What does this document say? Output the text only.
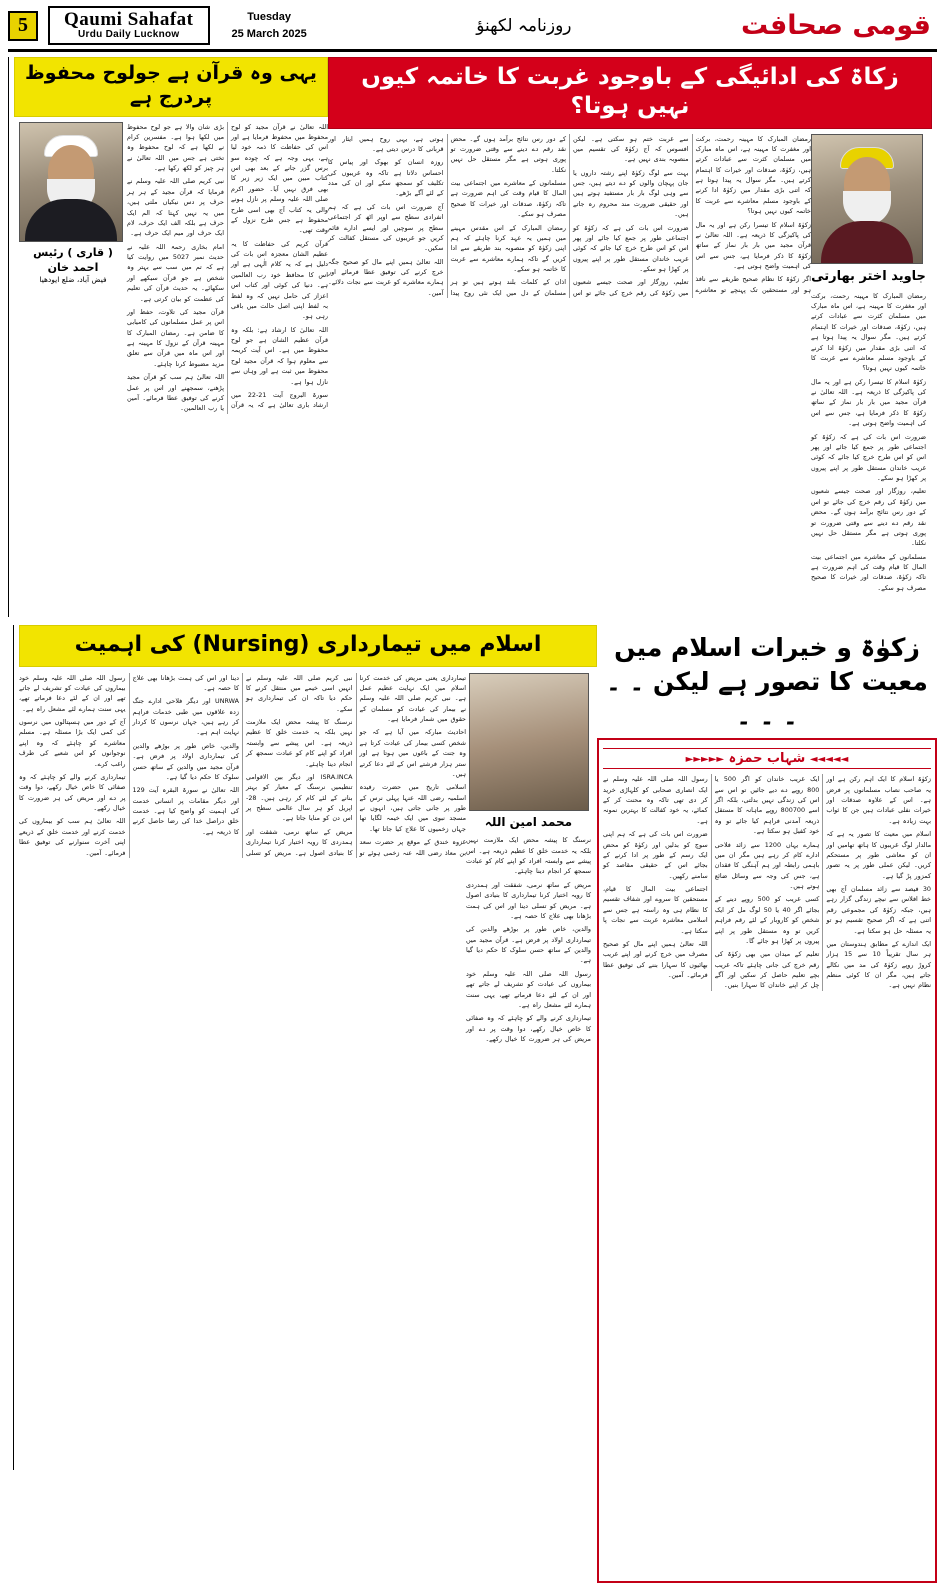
5	Qaumi Sahafat
Urdu Daily Lucknow
Tuesday
25 March 2025	روزنامہ لکھنؤ	قومی صحافت
یہی وہ قرآن ہے جولوح محفوظ پردرج ہے
( قاری ) رئیس احمد خان
فیض آباد، ضلع ایودھیا

اللہ تعالیٰ نے قرآن مجید کو لوح محفوظ میں محفوظ فرمایا ہے اور اس کی حفاظت کا ذمہ خود لیا ہے، یہی وجہ ہے کہ چودہ سو برس گزر جانے کے بعد بھی اس کتاب مبین میں ایک زیر زبر کا بھی فرق نہیں آیا۔ حضور اکرم صلی اللہ علیہ وسلم پر نازل ہونے والی یہ کتاب آج بھی اسی طرح محفوظ ہے جس طرح نزول کے وقت تھی۔

قرآن کریم کی حفاظت کا یہ عظیم الشان معجزہ اس بات کی دلیل ہے کہ یہ کلام الٰہی ہے اور اس کا محافظ خود رب العالمین ہے۔ دنیا کی کوئی اور کتاب اس اعزاز کی حامل نہیں کہ وہ لفظ بہ لفظ اپنی اصل حالت میں باقی رہی ہو۔

اللہ تعالیٰ کا ارشاد ہے: بلکہ وہ قرآن عظیم الشان ہے جو لوح محفوظ میں ہے۔ اس آیت کریمہ سے معلوم ہوا کہ قرآن مجید لوح محفوظ میں ثبت ہے اور وہاں سے نازل ہوا ہے۔

سورۃ البروج آیت 21-22 میں ارشاد باری تعالیٰ ہے کہ یہ قرآن بڑی شان والا ہے جو لوح محفوظ میں لکھا ہوا ہے۔ مفسرین کرام نے لکھا ہے کہ لوح محفوظ وہ تختی ہے جس میں اللہ تعالیٰ نے ہر چیز کو لکھ رکھا ہے۔

نبی کریم صلی اللہ علیہ وسلم نے فرمایا کہ قرآن مجید کے ہر ہر حرف پر دس نیکیاں ملتی ہیں، میں یہ نہیں کہتا کہ الم ایک حرف ہے بلکہ الف ایک حرف، لام ایک حرف اور میم ایک حرف ہے۔

امام بخاری رحمۃ اللہ علیہ نے حدیث نمبر 5027 میں روایت کیا ہے کہ تم میں سب سے بہتر وہ شخص ہے جو قرآن سیکھے اور سکھائے۔ یہ حدیث قرآن کی تعلیم کی عظمت کو بیان کرتی ہے۔

قرآن مجید کی تلاوت، حفظ اور اس پر عمل مسلمانوں کی کامیابی کا ضامن ہے۔ رمضان المبارک کا مہینہ قرآن کے نزول کا مہینہ ہے اور اس ماہ میں قرآن سے تعلق مزید مضبوط کرنا چاہئے۔

اللہ تعالیٰ ہم سب کو قرآن مجید پڑھنے، سمجھنے اور اس پر عمل کرنے کی توفیق عطا فرمائے۔ آمین یا رب العالمین۔

زکاۃ کی ادائیگی کے باوجود غربت کا خاتمہ کیوں نہیں ہوتا؟

رمضان المبارک کا مہینہ رحمت، برکت اور مغفرت کا مہینہ ہے، اس ماہ مبارک میں مسلمان کثرت سے عبادات کرتے ہیں، زکوٰۃ، صدقات اور خیرات کا اہتمام کرتے ہیں۔ مگر سوال یہ پیدا ہوتا ہے کہ اتنی بڑی مقدار میں زکوٰۃ ادا کرنے کے باوجود مسلم معاشرے سے غربت کا خاتمہ کیوں نہیں ہوتا؟

زکوٰۃ اسلام کا تیسرا رکن ہے اور یہ مال کی پاکیزگی کا ذریعہ ہے۔ اللہ تعالیٰ نے قرآن مجید میں بار بار نماز کے ساتھ زکوٰۃ کا ذکر فرمایا ہے، جس سے اس کی اہمیت واضح ہوتی ہے۔

اگر زکوٰۃ کا نظام صحیح طریقے سے نافذ ہو اور مستحقین تک پہنچے تو معاشرے سے غربت ختم ہو سکتی ہے۔ لیکن افسوس کہ آج زکوٰۃ کی تقسیم میں منصوبہ بندی نہیں ہے۔

بہت سے لوگ زکوٰۃ اپنے رشتہ داروں یا جان پہچان والوں کو دے دیتے ہیں، جس سے وہی لوگ بار بار مستفید ہوتے ہیں اور حقیقی ضرورت مند محروم رہ جاتے ہیں۔

ضرورت اس بات کی ہے کہ زکوٰۃ کو اجتماعی طور پر جمع کیا جائے اور پھر اس کو اس طرح خرچ کیا جائے کہ کوئی غریب خاندان مستقل طور پر اپنے پیروں پر کھڑا ہو سکے۔

تعلیم، روزگار اور صحت جیسے شعبوں میں زکوٰۃ کی رقم خرچ کی جائے تو اس کے دور رس نتائج برآمد ہوں گے۔ محض نقد رقم دے دینے سے وقتی ضرورت تو پوری ہوتی ہے مگر مستقل حل نہیں نکلتا۔

مسلمانوں کے معاشرے میں اجتماعی بیت المال کا قیام وقت کی اہم ضرورت ہے تاکہ زکوٰۃ، صدقات اور خیرات کا صحیح مصرف ہو سکے۔

رمضان المبارک کے اس مقدس مہینے میں ہمیں یہ عہد کرنا چاہئے کہ ہم اپنی زکوٰۃ کو منصوبہ بند طریقے سے ادا کریں گے تاکہ ہمارے معاشرے سے غربت کا خاتمہ ہو سکے۔

اذان کے کلمات بلند ہوتے ہیں تو ہر مسلمان کے دل میں ایک نئی روح پیدا ہوتی ہے، یہی روح ہمیں ایثار اور قربانی کا درس دیتی ہے۔

روزہ انسان کو بھوک اور پیاس کا احساس دلاتا ہے تاکہ وہ غریبوں کی تکلیف کو سمجھ سکے اور ان کی مدد کے لئے آگے بڑھے۔

آج ضرورت اس بات کی ہے کہ ہم انفرادی سطح سے اوپر اٹھ کر اجتماعی سطح پر سوچیں اور ایسے ادارے قائم کریں جو غریبوں کی مستقل کفالت کر سکیں۔

اللہ تعالیٰ ہمیں اپنے مال کو صحیح جگہ خرچ کرنے کی توفیق عطا فرمائے اور ہمارے معاشرے کو غربت سے نجات دلائے۔ آمین۔

جاوید اختر بھارتی

رمضان المبارک کا مہینہ رحمت، برکت اور مغفرت کا مہینہ ہے، اس ماہ مبارک میں مسلمان کثرت سے عبادات کرتے ہیں، زکوٰۃ، صدقات اور خیرات کا اہتمام کرتے ہیں۔ مگر سوال یہ پیدا ہوتا ہے کہ اتنی بڑی مقدار میں زکوٰۃ ادا کرنے کے باوجود مسلم معاشرے سے غربت کا خاتمہ کیوں نہیں ہوتا؟

زکوٰۃ اسلام کا تیسرا رکن ہے اور یہ مال کی پاکیزگی کا ذریعہ ہے۔ اللہ تعالیٰ نے قرآن مجید میں بار بار نماز کے ساتھ زکوٰۃ کا ذکر فرمایا ہے، جس سے اس کی اہمیت واضح ہوتی ہے۔

ضرورت اس بات کی ہے کہ زکوٰۃ کو اجتماعی طور پر جمع کیا جائے اور پھر اس کو اس طرح خرچ کیا جائے کہ کوئی غریب خاندان مستقل طور پر اپنے پیروں پر کھڑا ہو سکے۔

تعلیم، روزگار اور صحت جیسے شعبوں میں زکوٰۃ کی رقم خرچ کی جائے تو اس کے دور رس نتائج برآمد ہوں گے۔ محض نقد رقم دے دینے سے وقتی ضرورت تو پوری ہوتی ہے مگر مستقل حل نہیں نکلتا۔

مسلمانوں کے معاشرے میں اجتماعی بیت المال کا قیام وقت کی اہم ضرورت ہے تاکہ زکوٰۃ، صدقات اور خیرات کا صحیح مصرف ہو سکے۔

اسلام میں تیمارداری (Nursing) کی اہمیت

تیمارداری یعنی مریض کی خدمت کرنا اسلام میں ایک نہایت عظیم عمل ہے۔ نبی کریم صلی اللہ علیہ وسلم نے بیمار کی عیادت کو مسلمان کے حقوق میں شمار فرمایا ہے۔

احادیث مبارکہ میں آیا ہے کہ جو شخص کسی بیمار کی عیادت کرتا ہے وہ جنت کے باغوں میں ہوتا ہے اور ستر ہزار فرشتے اس کے لئے دعا کرتے ہیں۔

اسلامی تاریخ میں حضرت رفیدہ اسلمیہ رضی اللہ عنہا پہلی نرس کے طور پر جانی جاتی ہیں، انہوں نے مسجد نبوی میں ایک خیمہ لگایا تھا جہاں زخمیوں کا علاج کیا جاتا تھا۔

غزوہ خندق کے موقع پر حضرت سعد بن معاذ رضی اللہ عنہ زخمی ہوئے تو نبی کریم صلی اللہ علیہ وسلم نے انہیں اسی خیمے میں منتقل کرنے کا حکم دیا تاکہ ان کی تیمارداری ہو سکے۔

نرسنگ کا پیشہ محض ایک ملازمت نہیں بلکہ یہ خدمت خلق کا عظیم ذریعہ ہے۔ اس پیشے سے وابستہ افراد کو اپنے کام کو عبادت سمجھ کر انجام دینا چاہئے۔

ISRA.INCA اور دیگر بین الاقوامی تنظیمیں نرسنگ کے معیار کو بہتر بنانے کے لئے کام کر رہی ہیں۔ 28- اپریل کو ہر سال عالمی سطح پر اس دن کو منایا جاتا ہے۔

مریض کے ساتھ نرمی، شفقت اور ہمدردی کا رویہ اختیار کرنا تیمارداری کا بنیادی اصول ہے۔ مریض کو تسلی دینا اور اس کی ہمت بڑھانا بھی علاج کا حصہ ہے۔

UNRWA اور دیگر فلاحی ادارے جنگ زدہ علاقوں میں طبی خدمات فراہم کر رہے ہیں، جہاں نرسوں کا کردار نہایت اہم ہے۔

والدین، خاص طور پر بوڑھے والدین کی تیمارداری اولاد پر فرض ہے۔ قرآن مجید میں والدین کے ساتھ حسن سلوک کا حکم دیا گیا ہے۔

اللہ تعالیٰ نے سورۃ البقرہ آیت 129 اور دیگر مقامات پر انسانی خدمت کی اہمیت کو واضح کیا ہے۔ خدمت خلق دراصل خدا کی رضا حاصل کرنے کا ذریعہ ہے۔

رسول اللہ صلی اللہ علیہ وسلم خود بیماروں کی عیادت کو تشریف لے جاتے تھے اور ان کے لئے دعا فرماتے تھے، یہی سنت ہمارے لئے مشعل راہ ہے۔

آج کے دور میں ہسپتالوں میں نرسوں کی کمی ایک بڑا مسئلہ ہے۔ مسلم معاشرے کو چاہئے کہ وہ اپنے نوجوانوں کو اس شعبے کی طرف راغب کرے۔

تیمارداری کرنے والے کو چاہئے کہ وہ صفائی کا خاص خیال رکھے، دوا وقت پر دے اور مریض کی ہر ضرورت کا خیال رکھے۔

اللہ تعالیٰ ہم سب کو بیماروں کی خدمت کرنے اور خدمت خلق کے ذریعے اپنی آخرت سنوارنے کی توفیق عطا فرمائے۔ آمین۔

محمد امین اللہ

نرسنگ کا پیشہ محض ایک ملازمت نہیں بلکہ یہ خدمت خلق کا عظیم ذریعہ ہے۔ اس پیشے سے وابستہ افراد کو اپنے کام کو عبادت سمجھ کر انجام دینا چاہئے۔

مریض کے ساتھ نرمی، شفقت اور ہمدردی کا رویہ اختیار کرنا تیمارداری کا بنیادی اصول ہے۔ مریض کو تسلی دینا اور اس کی ہمت بڑھانا بھی علاج کا حصہ ہے۔

والدین، خاص طور پر بوڑھے والدین کی تیمارداری اولاد پر فرض ہے۔ قرآن مجید میں والدین کے ساتھ حسن سلوک کا حکم دیا گیا ہے۔

رسول اللہ صلی اللہ علیہ وسلم خود بیماروں کی عیادت کو تشریف لے جاتے تھے اور ان کے لئے دعا فرماتے تھے، یہی سنت ہمارے لئے مشعل راہ ہے۔

تیمارداری کرنے والے کو چاہئے کہ وہ صفائی کا خاص خیال رکھے، دوا وقت پر دے اور مریض کی ہر ضرورت کا خیال رکھے۔

زکوٰۃ و خیرات اسلام میں معیت کا تصور ہے لیکن ۔ ۔ ۔ ۔ ۔
◄◄◄◄◄ شہاب حمزہ ►►►►►

زکوٰۃ اسلام کا ایک اہم رکن ہے اور یہ صاحب نصاب مسلمانوں پر فرض ہے۔ اس کے علاوہ صدقات اور خیرات نفلی عبادات ہیں جن کا ثواب بہت زیادہ ہے۔

اسلام میں معیت کا تصور یہ ہے کہ مالدار لوگ غریبوں کا ہاتھ تھامیں اور ان کو معاشی طور پر مستحکم کریں۔ لیکن عملی طور پر یہ تصور کمزور پڑ گیا ہے۔

30 فیصد سے زائد مسلمان آج بھی خط افلاس سے نیچے زندگی گزار رہے ہیں، جبکہ زکوٰۃ کی مجموعی رقم اتنی ہے کہ اگر صحیح تقسیم ہو تو یہ مسئلہ حل ہو سکتا ہے۔

ایک اندازے کے مطابق ہندوستان میں ہر سال تقریباً 10 سے 15 ہزار کروڑ روپے زکوٰۃ کی مد میں نکالے جاتے ہیں، مگر ان کا کوئی منظم نظام نہیں ہے۔

ایک غریب خاندان کو اگر 500 یا 800 روپے دے دیے جائیں تو اس سے اس کی زندگی نہیں بدلتی، بلکہ اگر اسے 800700 روپے ماہانہ کا مستقل ذریعہ آمدنی فراہم کیا جائے تو وہ خود کفیل ہو سکتا ہے۔

ہمارے یہاں 1200 سے زائد فلاحی ادارے کام کر رہے ہیں مگر ان میں باہمی رابطہ اور ہم آہنگی کا فقدان ہے، جس کی وجہ سے وسائل ضائع ہوتے ہیں۔

کسی غریب کو 500 روپے دینے کے بجائے اگر 40 یا 50 لوگ مل کر ایک شخص کو کاروبار کے لئے رقم فراہم کریں تو وہ مستقل طور پر اپنے پیروں پر کھڑا ہو جائے گا۔

تعلیم کے میدان میں بھی زکوٰۃ کی رقم خرچ کی جانی چاہئے تاکہ غریب بچے تعلیم حاصل کر سکیں اور آگے چل کر اپنے خاندان کا سہارا بنیں۔

رسول اللہ صلی اللہ علیہ وسلم نے ایک انصاری صحابی کو کلہاڑی خرید کر دی تھی تاکہ وہ محنت کر کے کمائے، یہ خود کفالت کا بہترین نمونہ ہے۔

ضرورت اس بات کی ہے کہ ہم اپنی سوچ کو بدلیں اور زکوٰۃ کو محض ایک رسم کے طور پر ادا کرنے کے بجائے اس کے حقیقی مقاصد کو سامنے رکھیں۔

اجتماعی بیت المال کا قیام، مستحقین کا سروے اور شفاف تقسیم کا نظام ہی وہ راستہ ہے جس سے اسلامی معاشرہ غربت سے نجات پا سکتا ہے۔

اللہ تعالیٰ ہمیں اپنے مال کو صحیح مصرف میں خرچ کرنے اور اپنے غریب بھائیوں کا سہارا بننے کی توفیق عطا فرمائے۔ آمین۔
